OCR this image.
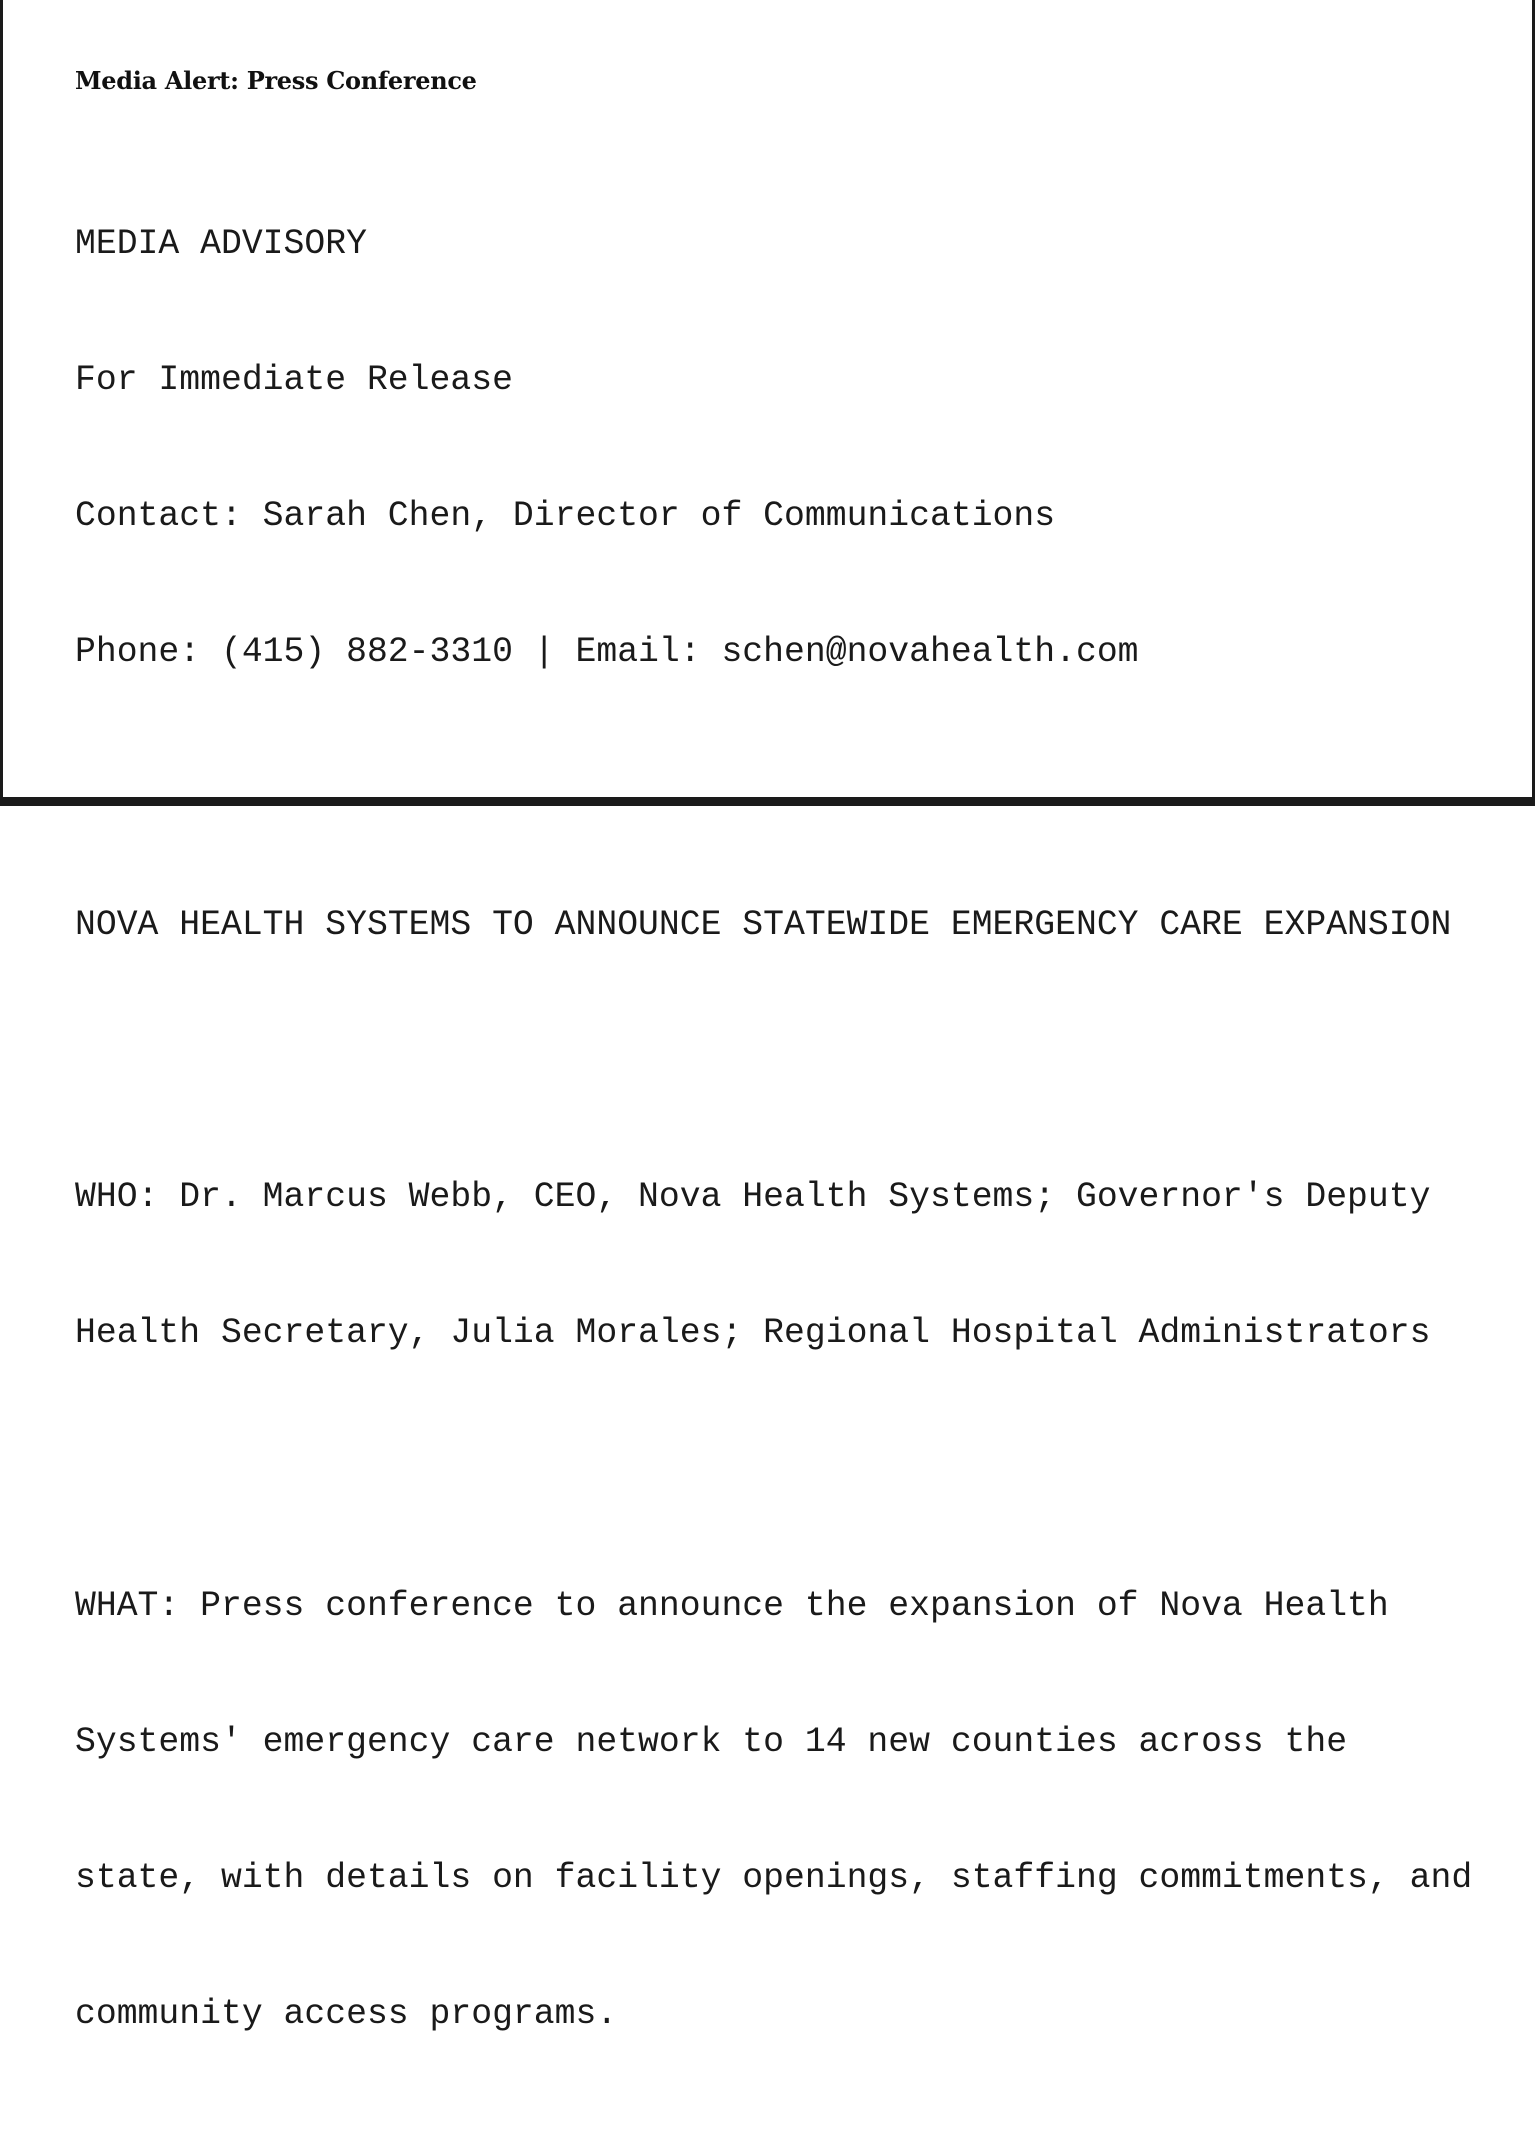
Media Alert: Press Conference

MEDIA ADVISORY

For Immediate Release

Contact: Sarah Chen, Director of Communications

Phone: (415) 882-3310 | Email: schen@novahealth.com

NOVA HEALTH SYSTEMS TO ANNOUNCE STATEWIDE EMERGENCY CARE EXPANSION

WHO: Dr. Marcus Webb, CEO, Nova Health Systems; Governor's Deputy

Health Secretary, Julia Morales; Regional Hospital Administrators

WHAT: Press conference to announce the expansion of Nova Health

Systems' emergency care network to 14 new counties across the

state, with details on facility openings, staffing commitments, and

community access programs.
